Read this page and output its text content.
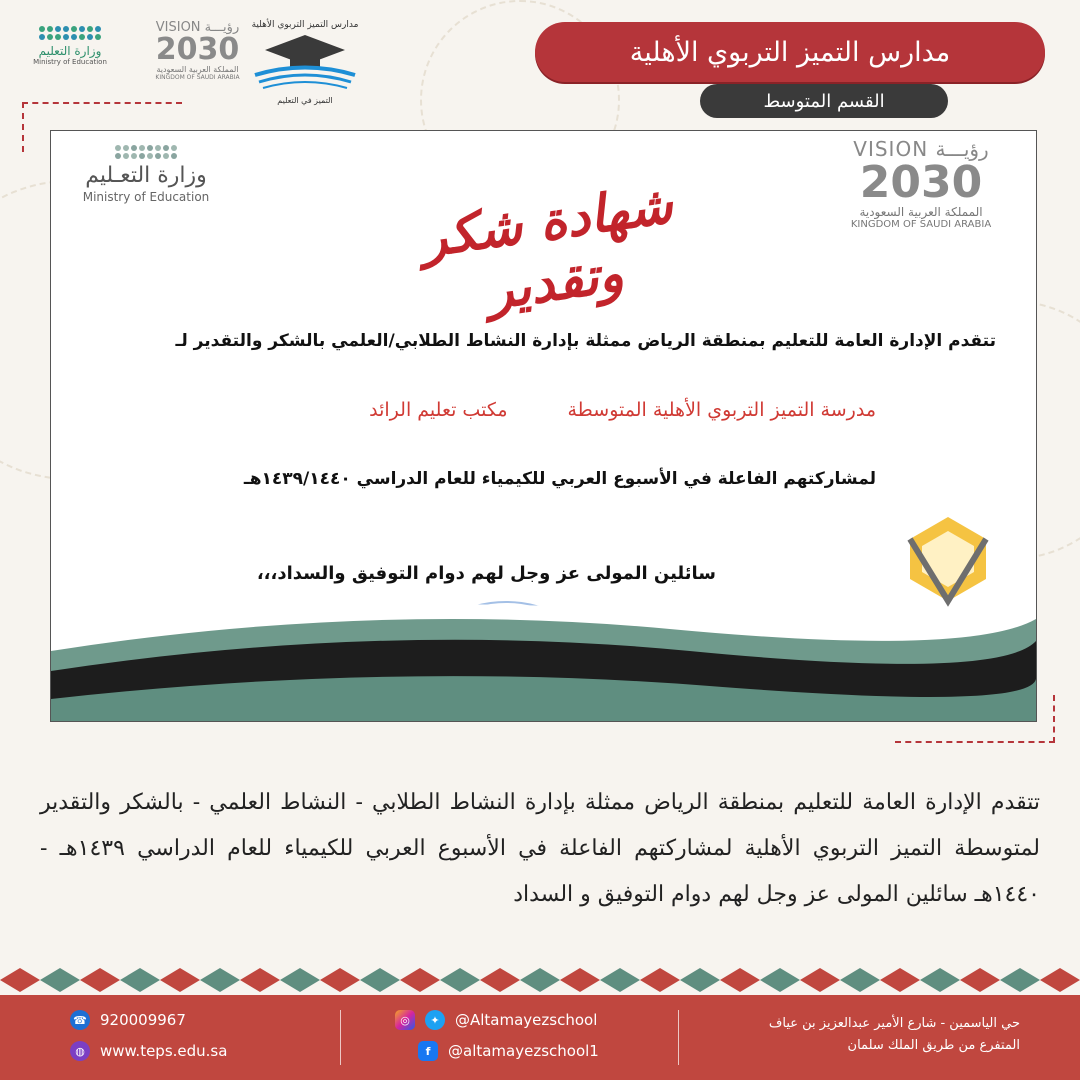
وزارة التعليم
Ministry of Education
VISION رؤيـــة
2030
المملكة العربية السعودية
KINGDOM OF SAUDI ARABIA
مدارس التميز التربوي الأهلية
التميز في التعليم
مدارس التميز التربوي الأهلية
القسم المتوسط
وزارة التعـليم
Ministry of Education
VISION رؤيـــة
2030
المملكة العربية السعودية
KINGDOM OF SAUDI ARABIA
شهادة شكر وتقدير
تتقدم الإدارة العامة للتعليم بمنطقة الرياض ممثلة بإدارة النشاط الطلابي/العلمي بالشكر والتقدير لـ
مدرسة التميز التربوي الأهلية المتوسطة
مكتب تعليم الرائد
لمشاركتهم الفاعلة في الأسبوع العربي للكيمياء للعام الدراسي ١٤٣٩/١٤٤٠هـ
سائلين المولى عز وجل لهم دوام التوفيق والسداد،،،
تتقدم الإدارة العامة للتعليم بمنطقة الرياض ممثلة بإدارة النشاط الطلابي - النشاط العلمي - بالشكر والتقدير لمتوسطة التميز التربوي الأهلية لمشاركتهم الفاعلة في الأسبوع العربي للكيمياء للعام الدراسي ١٤٣٩هـ - ١٤٤٠هـ سائلين المولى عز وجل لهم دوام التوفيق و السداد
☎ 920009967
◍	www.teps.edu.sa
◎	✦	@Altamayezschool
f	@altamayezschool1
حي الياسمين - شارع الأمير عبدالعزيز بن عياف
المتفرع من طريق الملك سلمان
